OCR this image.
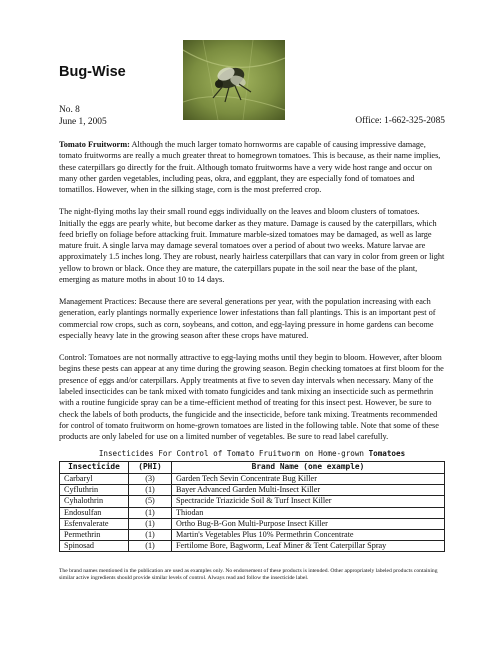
Bug-Wise
No. 8
June 1, 2005	Office: 1-662-325-2085

Tomato Fruitworm: Although the much larger tomato hornworms are capable of causing impressive damage, tomato fruitworms are really a much greater threat to homegrown tomatoes. This is because, as their name implies, these caterpillars go directly for the fruit. Although tomato fruitworms have a very wide host range and occur on many other garden vegetables, including peas, okra, and eggplant, they are especially fond of tomatoes and tomatillos. However, when in the silking stage, corn is the most preferred crop.

The night-flying moths lay their small round eggs individually on the leaves and bloom clusters of tomatoes. Initially the eggs are pearly white, but become darker as they mature. Damage is caused by the caterpillars, which feed briefly on foliage before attacking fruit. Immature marble-sized tomatoes may be damaged, as well as large mature fruit. A single larva may damage several tomatoes over a period of about two weeks. Mature larvae are approximately 1.5 inches long. They are robust, nearly hairless caterpillars that can vary in color from green or light yellow to brown or black. Once they are mature, the caterpillars pupate in the soil near the base of the plant, emerging as mature moths in about 10 to 14 days.

Management Practices: Because there are several generations per year, with the population increasing with each generation, early plantings normally experience lower infestations than fall plantings. This is an important pest of commercial row crops, such as corn, soybeans, and cotton, and egg-laying pressure in home gardens can become especially heavy late in the growing season after these crops have matured.

Control: Tomatoes are not normally attractive to egg-laying moths until they begin to bloom. However, after bloom begins these pests can appear at any time during the growing season. Begin checking tomatoes at first bloom for the presence of eggs and/or caterpillars. Apply treatments at five to seven day intervals when necessary. Many of the labeled insecticides can be tank mixed with tomato fungicides and tank mixing an insecticide such as permethrin with a routine fungicide spray can be a time-efficient method of treating for this insect pest. However, be sure to check the labels of both products, the fungicide and the insecticide, before tank mixing. Treatments recommended for control of tomato fruitworm on home-grown tomatoes are listed in the following table. Note that some of these products are only labeled for use on a limited number of vegetables. Be sure to read label carefully.

Insecticides For Control of Tomato Fruitworm on Home-grown Tomatoes
Insecticide	(PHI)	Brand Name (one example)
Carbaryl	(3)	Garden Tech Sevin Concentrate Bug Killer
Cyfluthrin	(1)	Bayer Advanced Garden Multi-Insect Killer
Cyhalothrin	(5)	Spectracide Triazicide Soil & Turf Insect Killer
Endosulfan	(1)	Thiodan
Esfenvalerate	(1)	Ortho Bug-B-Gon Multi-Purpose Insect Killer
Permethrin	(1)	Martin's Vegetables Plus 10% Permethrin Concentrate
Spinosad	(1)	Fertilome Bore, Bagworm, Leaf Miner & Tent Caterpillar Spray
The brand names mentioned in the publication are used as examples only. No endorsement of these products is intended. Other appropriately labeled products containing similar active ingredients should provide similar levels of control. Always read and follow the insecticide label.
